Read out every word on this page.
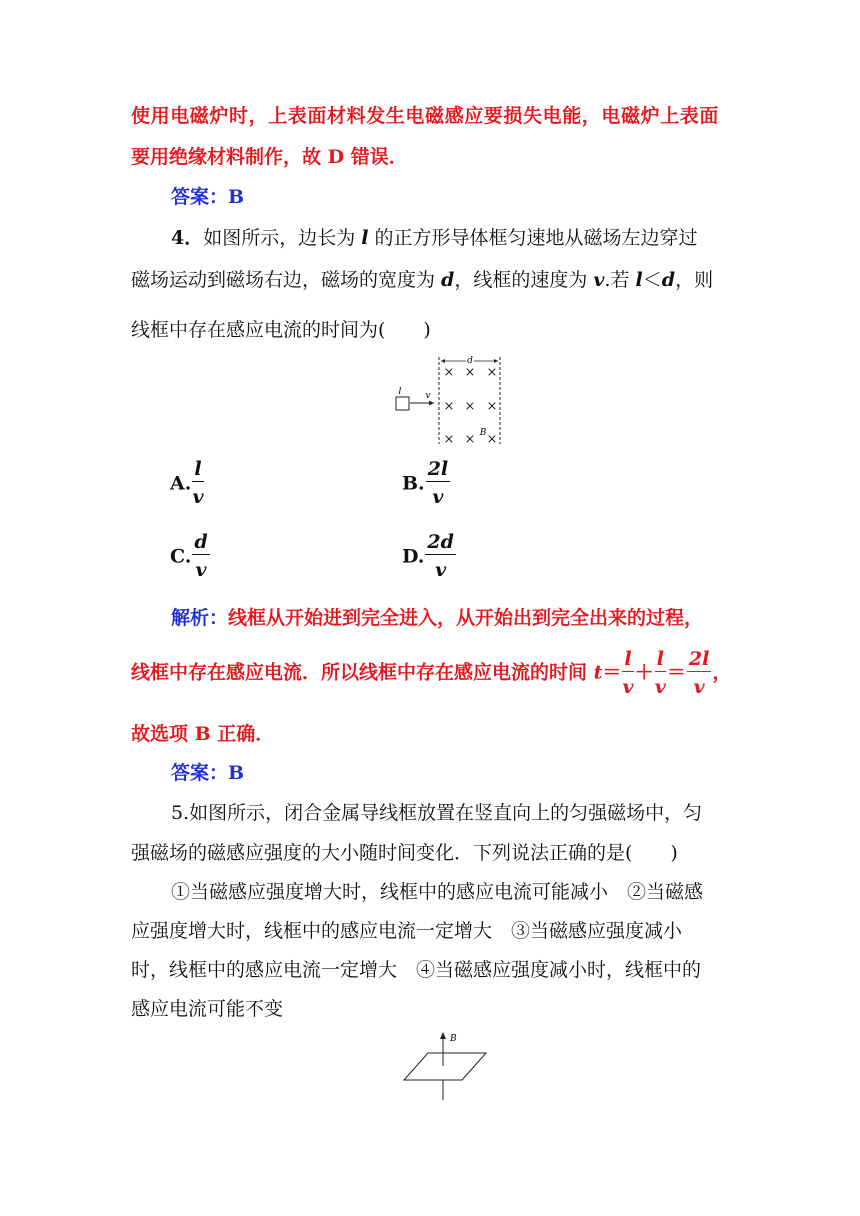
使用电磁炉时，上表面材料发生电磁感应要损失电能，电磁炉上表面
要用绝缘材料制作，故 D 错误．
答案：B
4．如图所示，边长为 l 的正方形导体框匀速地从磁场左边穿过
磁场运动到磁场右边，磁场的宽度为 d，线框的速度为 v.若 l＜d，则
线框中存在感应电流的时间为(　　)
l	v
d
× × ×
× × ×
× × ×
B
A. $\frac{l}{v}$	B. $\frac{2l}{v}$
C. $\frac{d}{v}$	D. $\frac{2d}{v}$
解析：线框从开始进到完全进入，从开始出到完全出来的过程，
线框中存在感应电流．所以线框中存在感应电流的时间 $t= \frac{l}{v} + \frac{l}{v} = \frac{2l}{v}$ ，
故选项 B 正确．
答案：B
5.如图所示，闭合金属导线框放置在竖直向上的匀强磁场中，匀
强磁场的磁感应强度的大小随时间变化．下列说法正确的是(　　)
①当磁感应强度增大时，线框中的感应电流可能减小　②当磁感
应强度增大时，线框中的感应电流一定增大　③当磁感应强度减小
时，线框中的感应电流一定增大　④当磁感应强度减小时，线框中的
感应电流可能不变
B
